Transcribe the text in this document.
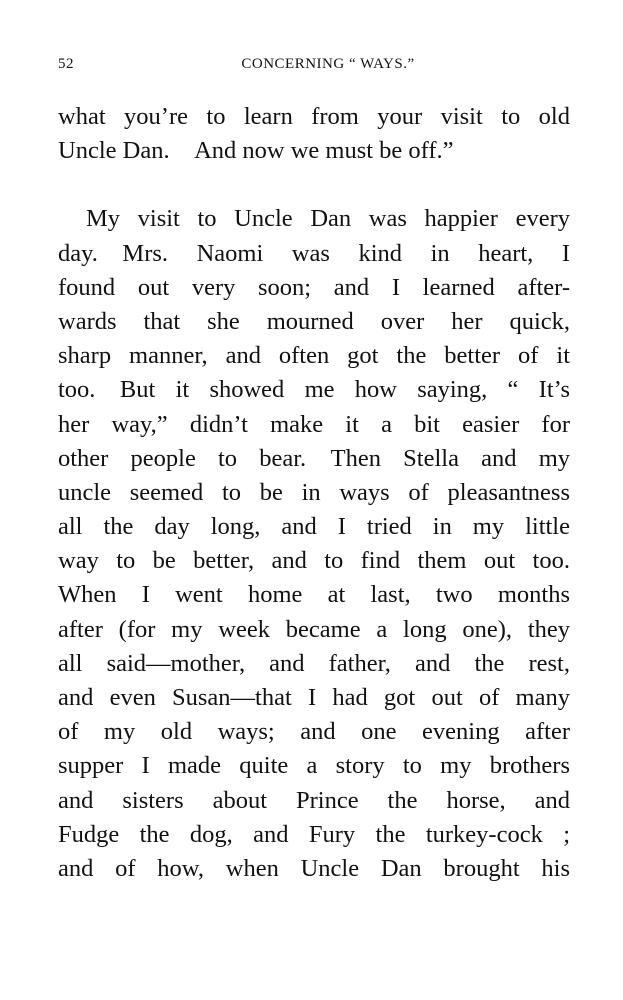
52	CONCERNING “ WAYS.”
what you’re to learn from your visit to old
Uncle Dan. And now we must be off.”
My visit to Uncle Dan was happier every
day. Mrs. Naomi was kind in heart, I
found out very soon; and I learned after-
wards that she mourned over her quick,
sharp manner, and often got the better of it
too. But it showed me how saying, “ It’s
her way,” didn’t make it a bit easier for
other people to bear. Then Stella and my
uncle seemed to be in ways of pleasantness
all the day long, and I tried in my little
way to be better, and to find them out too.
When I went home at last, two months
after (for my week became a long one), they
all said—mother, and father, and the rest,
and even Susan—that I had got out of many
of my old ways; and one evening after
supper I made quite a story to my brothers
and sisters about Prince the horse, and
Fudge the dog, and Fury the turkey-cock ;
and of how, when Uncle Dan brought his
